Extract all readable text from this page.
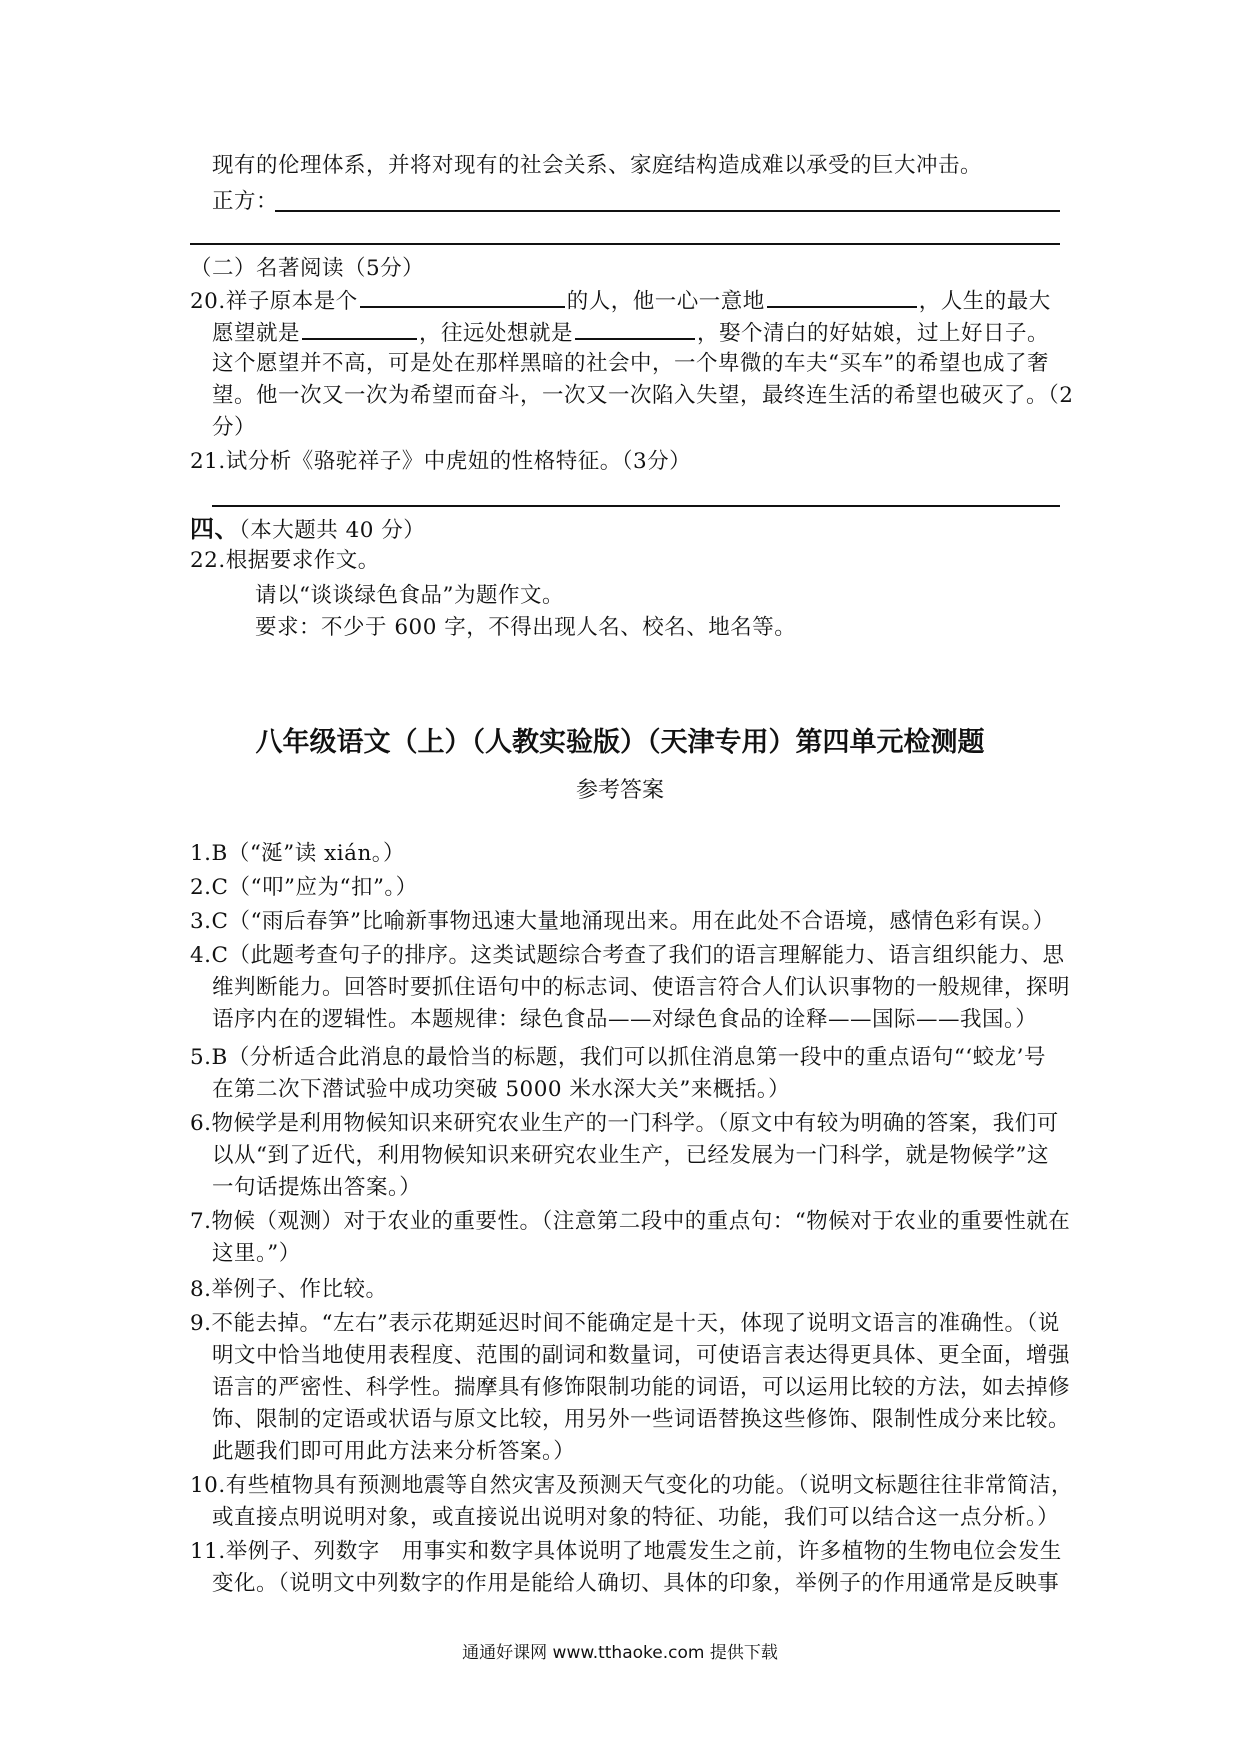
现有的伦理体系，并将对现有的社会关系、家庭结构造成难以承受的巨大冲击。
正方：
（二）名著阅读（5分）
20.祥子原本是个	的人，他一心一意地	，人生的最大
愿望就是	，往远处想就是	，娶个清白的好姑娘，过上好日子。
这个愿望并不高，可是处在那样黑暗的社会中，一个卑微的车夫“买车”的希望也成了奢
望。他一次又一次为希望而奋斗，一次又一次陷入失望，最终连生活的希望也破灭了。（2
分）
21.试分析《骆驼祥子》中虎妞的性格特征。（3分）
四、（本大题共 40 分）
22.根据要求作文。
请以“谈谈绿色食品”为题作文。
要求：不少于 600 字，不得出现人名、校名、地名等。
八年级语文（上）（人教实验版）（天津专用）第四单元检测题
参考答案
1.B（“涎”读 xián。）
2.C（“叩”应为“扣”。）
3.C（“雨后春笋”比喻新事物迅速大量地涌现出来。用在此处不合语境，感情色彩有误。）
4.C（此题考查句子的排序。这类试题综合考查了我们的语言理解能力、语言组织能力、思
维判断能力。回答时要抓住语句中的标志词、使语言符合人们认识事物的一般规律，探明
语序内在的逻辑性。本题规律：绿色食品——对绿色食品的诠释——国际——我国。）
5.B（分析适合此消息的最恰当的标题，我们可以抓住消息第一段中的重点语句“‘蛟龙’号
在第二次下潜试验中成功突破 5000 米水深大关”来概括。）
6.物候学是利用物候知识来研究农业生产的一门科学。（原文中有较为明确的答案，我们可
以从“到了近代，利用物候知识来研究农业生产，已经发展为一门科学，就是物候学”这
一句话提炼出答案。）
7.物候（观测）对于农业的重要性。（注意第二段中的重点句：“物候对于农业的重要性就在
这里。”）
8.举例子、作比较。
9.不能去掉。“左右”表示花期延迟时间不能确定是十天，体现了说明文语言的准确性。（说
明文中恰当地使用表程度、范围的副词和数量词，可使语言表达得更具体、更全面，增强
语言的严密性、科学性。揣摩具有修饰限制功能的词语，可以运用比较的方法，如去掉修
饰、限制的定语或状语与原文比较，用另外一些词语替换这些修饰、限制性成分来比较。
此题我们即可用此方法来分析答案。）
10.有些植物具有预测地震等自然灾害及预测天气变化的功能。（说明文标题往往非常简洁，
或直接点明说明对象，或直接说出说明对象的特征、功能，我们可以结合这一点分析。）
11.举例子、列数字　用事实和数字具体说明了地震发生之前，许多植物的生物电位会发生
变化。（说明文中列数字的作用是能给人确切、具体的印象，举例子的作用通常是反映事
通通好课网 www.tthaoke.com 提供下载
